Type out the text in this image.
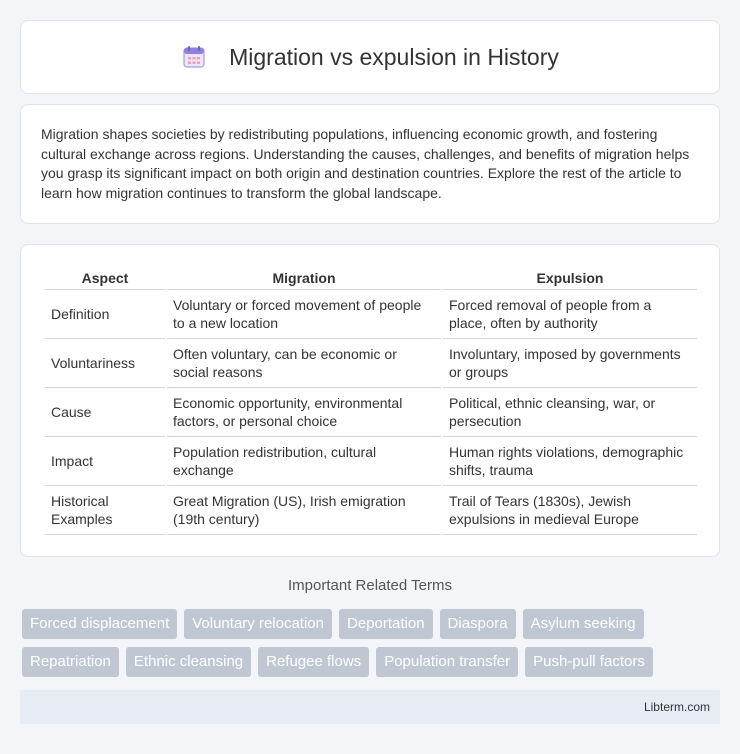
Migration vs expulsion in History

Migration shapes societies by redistributing populations, influencing economic growth, and fostering cultural exchange across regions. Understanding the causes, challenges, and benefits of migration helps you grasp its significant impact on both origin and destination countries. Explore the rest of the article to learn how migration continues to transform the global landscape.

Aspect	Migration	Expulsion
Definition	Voluntary or forced movement of people to a new location	Forced removal of people from a place, often by authority
Voluntariness	Often voluntary, can be economic or social reasons	Involuntary, imposed by governments or groups
Cause	Economic opportunity, environmental factors, or personal choice	Political, ethnic cleansing, war, or persecution
Impact	Population redistribution, cultural exchange	Human rights violations, demographic shifts, trauma
Historical Examples	Great Migration (US), Irish emigration (19th century)	Trail of Tears (1830s), Jewish expulsions in medieval Europe
Important Related Terms
Forced displacement	Voluntary relocation	Deportation	Diaspora	Asylum seeking
Repatriation	Ethnic cleansing	Refugee flows	Population transfer	Push-pull factors
Libterm.com
